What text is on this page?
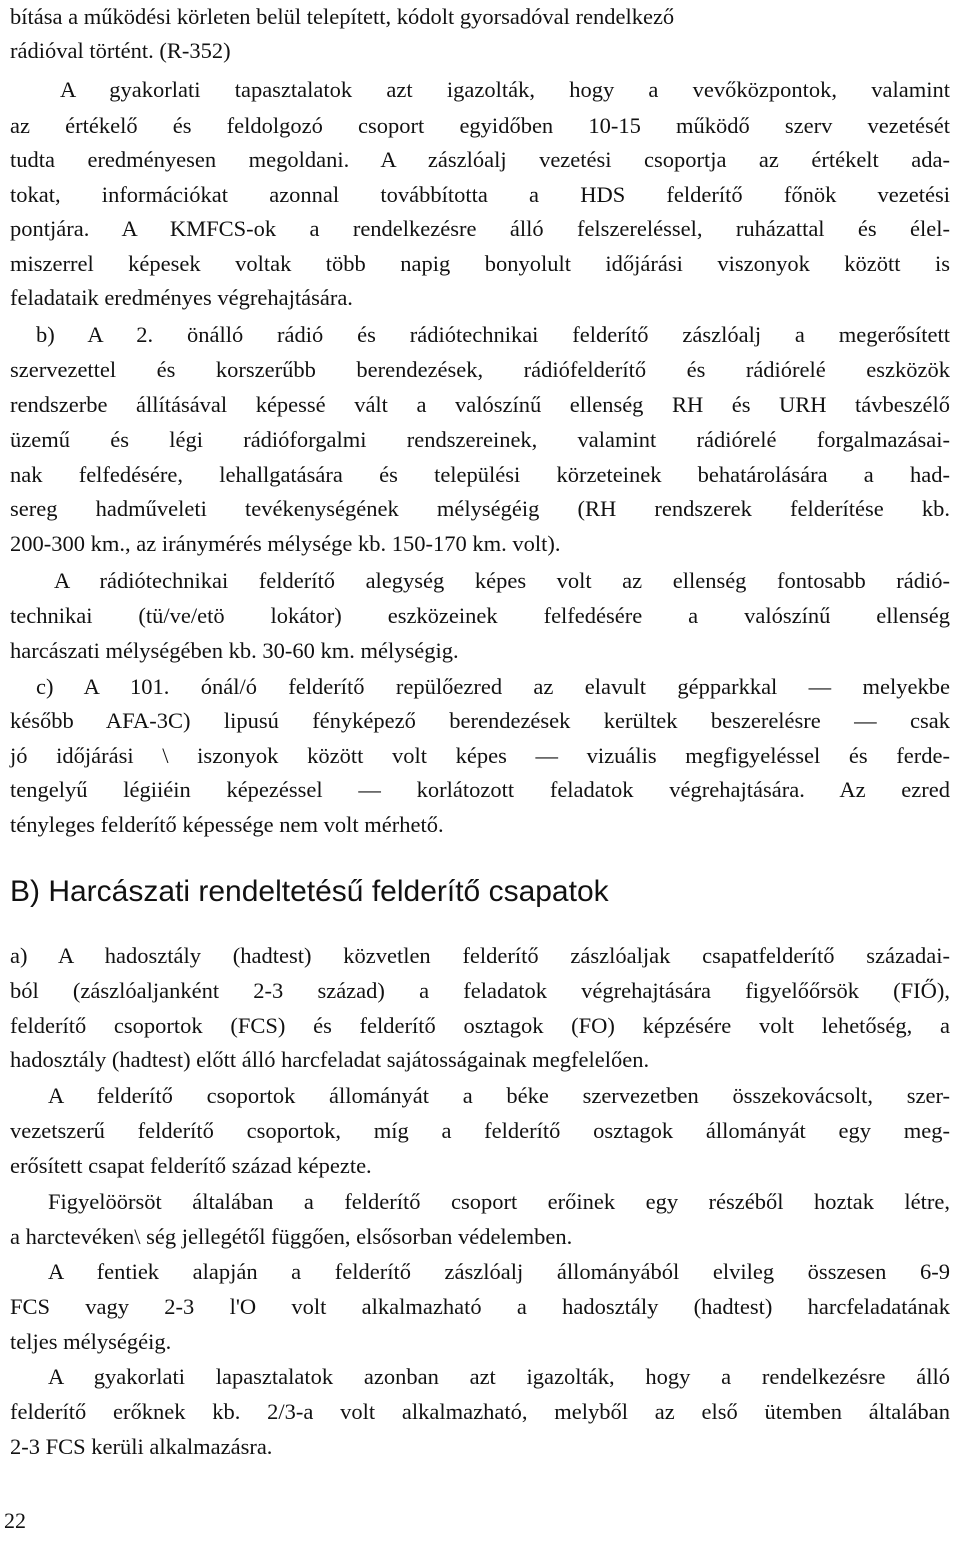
bítása a működési körleten belül telepített, kódolt gyorsadóval rendelkező

rádióval történt. (R-352)

A gyakorlati tapasztalatok azt igazolták, hogy a vevőközpontok, valamint

az értékelő és feldolgozó csoport egyidőben 10-15 működő szerv vezetését

tudta eredményesen megoldani. A zászlóalj vezetési csoportja az értékelt ada-

tokat, információkat azonnal továbbította a HDS felderítő főnök vezetési

pontjára. A KMFCS-ok a rendelkezésre álló felszereléssel, ruházattal és élel-

miszerrel képesek voltak több napig bonyolult időjárási viszonyok között is

feladataik eredményes végrehajtására.

b) A 2. önálló rádió és rádiótechnikai felderítő zászlóalj a megerősített

szervezettel és korszerűbb berendezések, rádiófelderítő és rádiórelé eszközök

rendszerbe állításával képessé vált a valószínű ellenség RH és URH távbeszélő

üzemű és légi rádióforgalmi rendszereinek, valamint rádiórelé forgalmazásai-

nak felfedésére, lehallgatására és települési körzeteinek behatárolására a had-

sereg hadműveleti tevékenységének mélységéig (RH rendszerek felderítése kb.

200-300 km., az iránymérés mélysége kb. 150-170 km. volt).

A rádiótechnikai felderítő alegység képes volt az ellenség fontosabb rádió-

technikai (tü/ve/etö lokátor) eszközeinek felfedésére a valószínű ellenség

harcászati mélységében kb. 30-60 km. mélységig.

c) A 101. ónál/ó felderítő repülőezred az elavult gépparkkal — melyekbe

később AFA-3C) lipusú fényképező berendezések kerültek beszerelésre — csak

jó időjárási \ iszonyok között volt képes — vizuális megfigyeléssel és ferde-

tengelyű légiiéin képezéssel — korlátozott feladatok végrehajtására. Az ezred

tényleges felderítő képessége nem volt mérhető.

B) Harcászati rendeltetésű felderítő csapatok

a) A hadosztály (hadtest) közvetlen felderítő zászlóaljak csapatfelderítő századai-

ból (zászlóaljanként 2-3 század) a feladatok végrehajtására figyelőőrsök (FIŐ),

felderítő csoportok (FCS) és felderítő osztagok (FO) képzésére volt lehetőség, a

hadosztály (hadtest) előtt álló harcfeladat sajátosságainak megfelelően.

A felderítő csoportok állományát a béke szervezetben összekovácsolt, szer-

vezetszerű felderítő csoportok, míg a felderítő osztagok állományát egy meg-

erősített csapat felderítő század képezte.

Figyelöörsöt általában a felderítő csoport erőinek egy részéből hoztak létre,

a harctevéken\ ség jellegétől függően, elsősorban védelemben.

A fentiek alapján a felderítő zászlóalj állományából elvileg összesen 6-9

FCS vagy 2-3 l'O volt alkalmazható a hadosztály (hadtest) harcfeladatának

teljes mélységéig.

A gyakorlati lapasztalatok azonban azt igazolták, hogy a rendelkezésre álló

felderítő erőknek kb. 2/3-a volt alkalmazható, melyből az első ütemben általában

2-3 FCS kerüli alkalmazásra.

22
